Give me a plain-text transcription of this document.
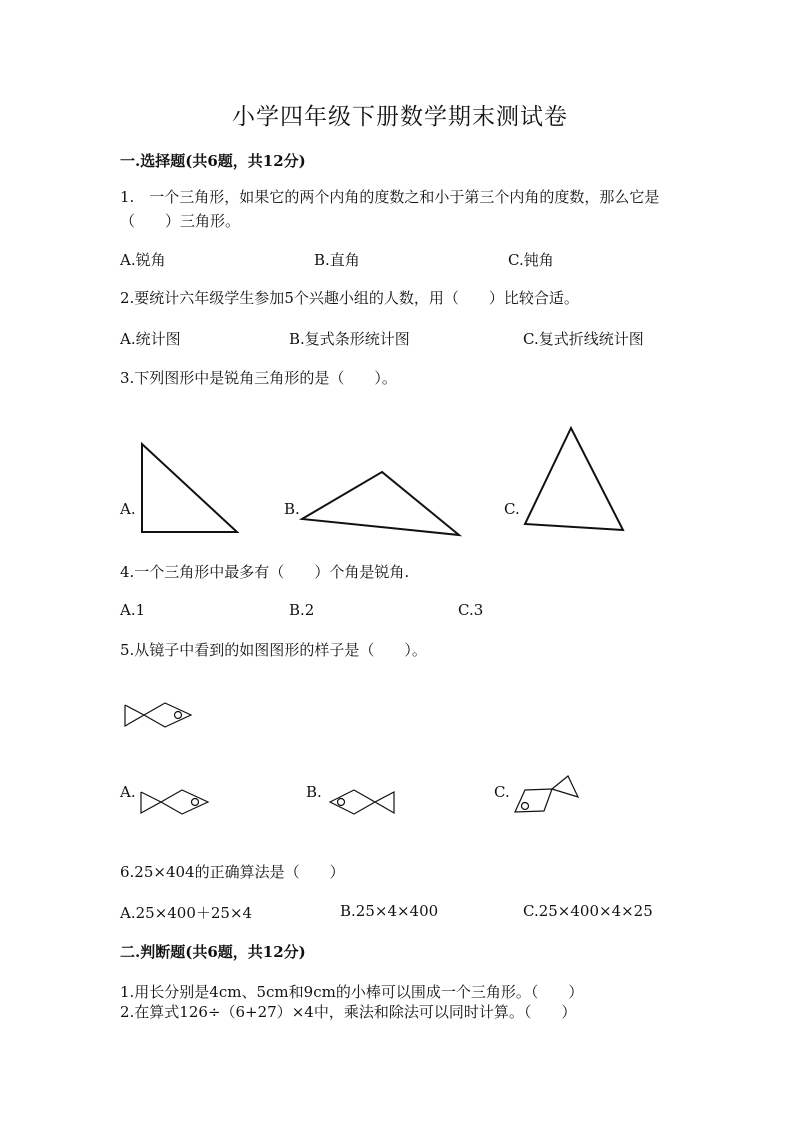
小学四年级下册数学期末测试卷
一.选择题(共6题，共12分)
1.　一个三角形，如果它的两个内角的度数之和小于第三个内角的度数，那么它是（　　）三角形。
A.锐角	B.直角	C.钝角
2.要统计六年级学生参加5个兴趣小组的人数，用（　　）比较合适。
A.统计图	B.复式条形统计图	C.复式折线统计图
3.下列图形中是锐角三角形的是（　　）。
A.	B.	C.
4.一个三角形中最多有（　　）个角是锐角.
A.1	B.2	C.3
5.从镜子中看到的如图图形的样子是（　　）。
A.	B.	C.
6.25×404的正确算法是（　　）
A.25×400＋25×4	B.25×4×400	C.25×400×4×25
二.判断题(共6题，共12分)
1.用长分别是4cm、5cm和9cm的小棒可以围成一个三角形。（　　）
2.在算式126÷（6+27）×4中，乘法和除法可以同时计算。（　　）
